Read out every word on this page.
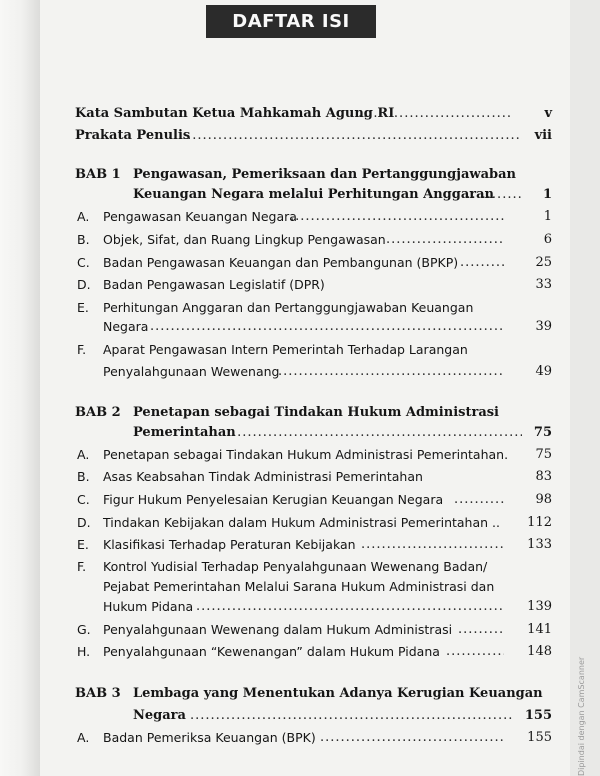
DAFTAR ISI
Kata Sambutan Ketua Mahkamah Agung RI .....	v
Prakata Penulis .....	vii
BAB 1 Pengawasan, Pemeriksaan dan Pertanggungjawaban
Keuangan Negara melalui Perhitungan Anggaran .....	1
A. Pengawasan Keuangan Negara .....	1
B. Objek, Sifat, dan Ruang Lingkup Pengawasan .....	6
C. Badan Pengawasan Keuangan dan Pembangunan (BPKP) .....	25
D. Badan Pengawasan Legislatif (DPR)	33
E. Perhitungan Anggaran dan Pertanggungjawaban Keuangan
Negara .....	39
F. Aparat Pengawasan Intern Pemerintah Terhadap Larangan
Penyalahgunaan Wewenang .....	49
BAB 2 Penetapan sebagai Tindakan Hukum Administrasi
Pemerintahan .....	75
A. Penetapan sebagai Tindakan Hukum Administrasi Pemerintahan.	75
B. Asas Keabsahan Tindak Administrasi Pemerintahan	83
C. Figur Hukum Penyelesaian Kerugian Keuangan Negara .....	98
D. Tindakan Kebijakan dalam Hukum Administrasi Pemerintahan ..	112
E. Klasifikasi Terhadap Peraturan Kebijakan .....	133
F. Kontrol Yudisial Terhadap Penyalahgunaan Wewenang Badan/
Pejabat Pemerintahan Melalui Sarana Hukum Administrasi dan
Hukum Pidana .....	139
G. Penyalahgunaan Wewenang dalam Hukum Administrasi .....	141
H. Penyalahgunaan “Kewenangan” dalam Hukum Pidana .....	148
BAB 3 Lembaga yang Menentukan Adanya Kerugian Keuangan
Negara .....	155
A. Badan Pemeriksa Keuangan (BPK) .....	155	Dipindai dengan CamScanner
